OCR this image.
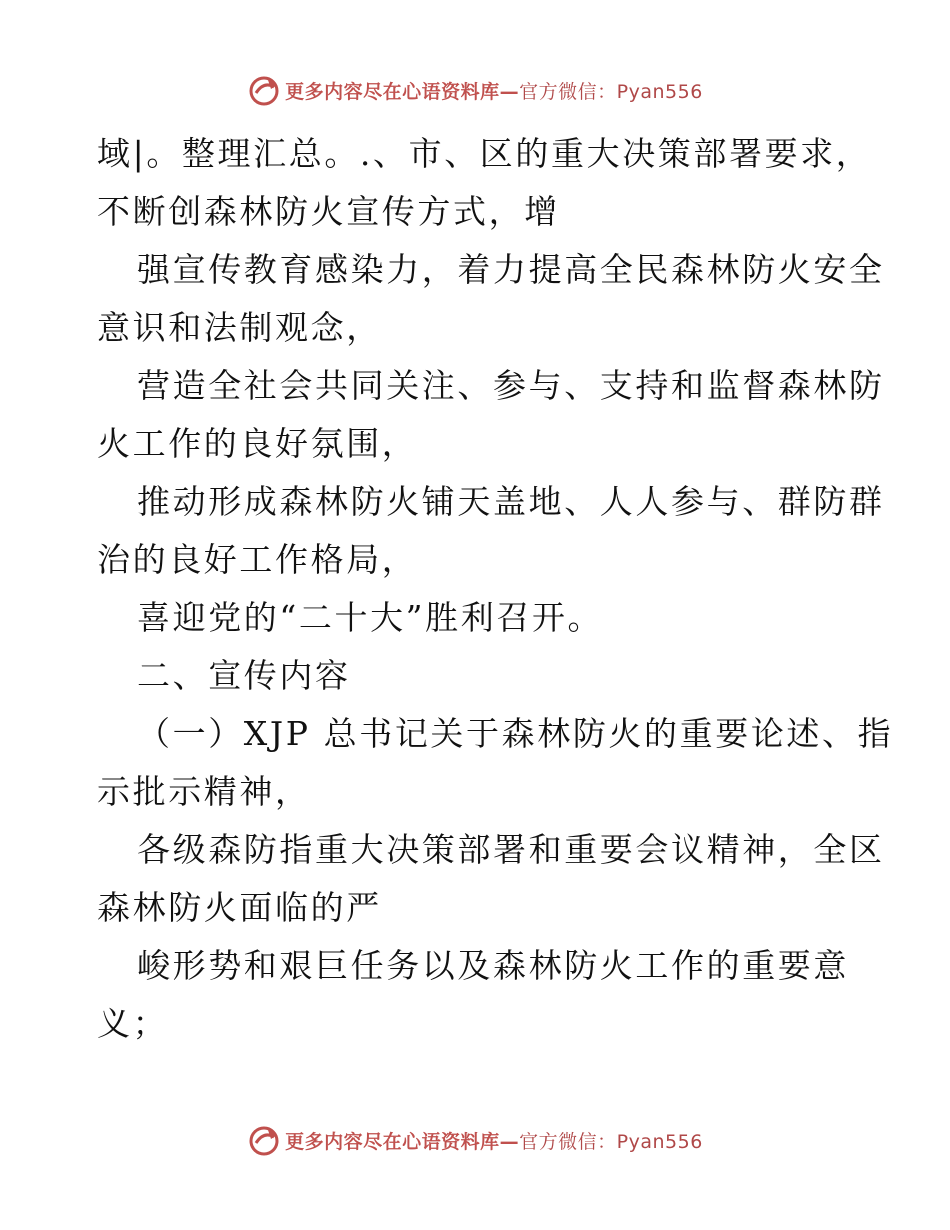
更多内容尽在心语资料库—官方微信：Pyan556
域|。整理汇总。.、市、区的重大决策部署要求，
不断创森林防火宣传方式，增
强宣传教育感染力，着力提高全民森林防火安全
意识和法制观念，
营造全社会共同关注、参与、支持和监督森林防
火工作的良好氛围，
推动形成森林防火铺天盖地、人人参与、群防群
治的良好工作格局，
喜迎党的“二十大”胜利召开。
二、宣传内容
（一）XJP 总书记关于森林防火的重要论述、指
示批示精神，
各级森防指重大决策部署和重要会议精神，全区
森林防火面临的严
峻形势和艰巨任务以及森林防火工作的重要意
义；
更多内容尽在心语资料库—官方微信：Pyan556
